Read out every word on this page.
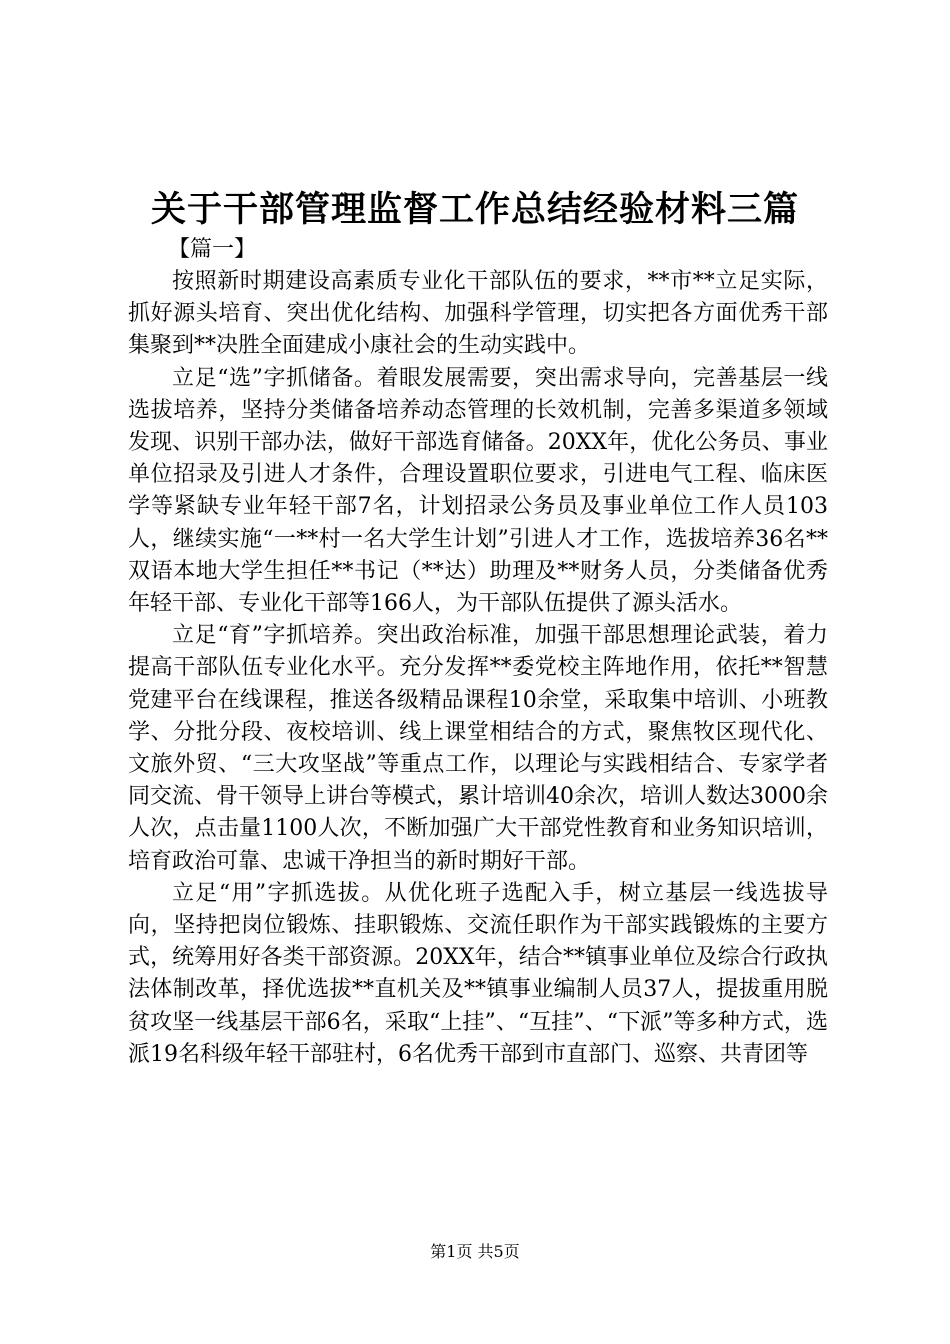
关于干部管理监督工作总结经验材料三篇

【篇一】

按照新时期建设高素质专业化干部队伍的要求，**市**立足实际，抓好源头培育、突出优化结构、加强科学管理，切实把各方面优秀干部集聚到**决胜全面建成小康社会的生动实践中。

立足“选”字抓储备。着眼发展需要，突出需求导向，完善基层一线选拔培养，坚持分类储备培养动态管理的长效机制，完善多渠道多领域发现、识别干部办法，做好干部选育储备。20XX年，优化公务员、事业单位招录及引进人才条件，合理设置职位要求，引进电气工程、临床医学等紧缺专业年轻干部7名，计划招录公务员及事业单位工作人员103人，继续实施“一**村一名大学生计划”引进人才工作，选拔培养36名**双语本地大学生担任**书记（**达）助理及**财务人员，分类储备优秀年轻干部、专业化干部等166人，为干部队伍提供了源头活水。

立足“育”字抓培养。突出政治标准，加强干部思想理论武装，着力提高干部队伍专业化水平。充分发挥**委党校主阵地作用，依托**智慧党建平台在线课程，推送各级精品课程10余堂，采取集中培训、小班教学、分批分段、夜校培训、线上课堂相结合的方式，聚焦牧区现代化、文旅外贸、“三大攻坚战”等重点工作，以理论与实践相结合、专家学者同交流、骨干领导上讲台等模式，累计培训40余次，培训人数达3000余人次，点击量1100人次，不断加强广大干部党性教育和业务知识培训，培育政治可靠、忠诚干净担当的新时期好干部。

立足“用”字抓选拔。从优化班子选配入手，树立基层一线选拔导向，坚持把岗位锻炼、挂职锻炼、交流任职作为干部实践锻炼的主要方式，统筹用好各类干部资源。20XX年，结合**镇事业单位及综合行政执法体制改革，择优选拔**直机关及**镇事业编制人员37人，提拔重用脱贫攻坚一线基层干部6名，采取“上挂”、“互挂”、“下派”等多种方式，选派19名科级年轻干部驻村，6名优秀干部到市直部门、巡察、共青团等

第1页 共5页
